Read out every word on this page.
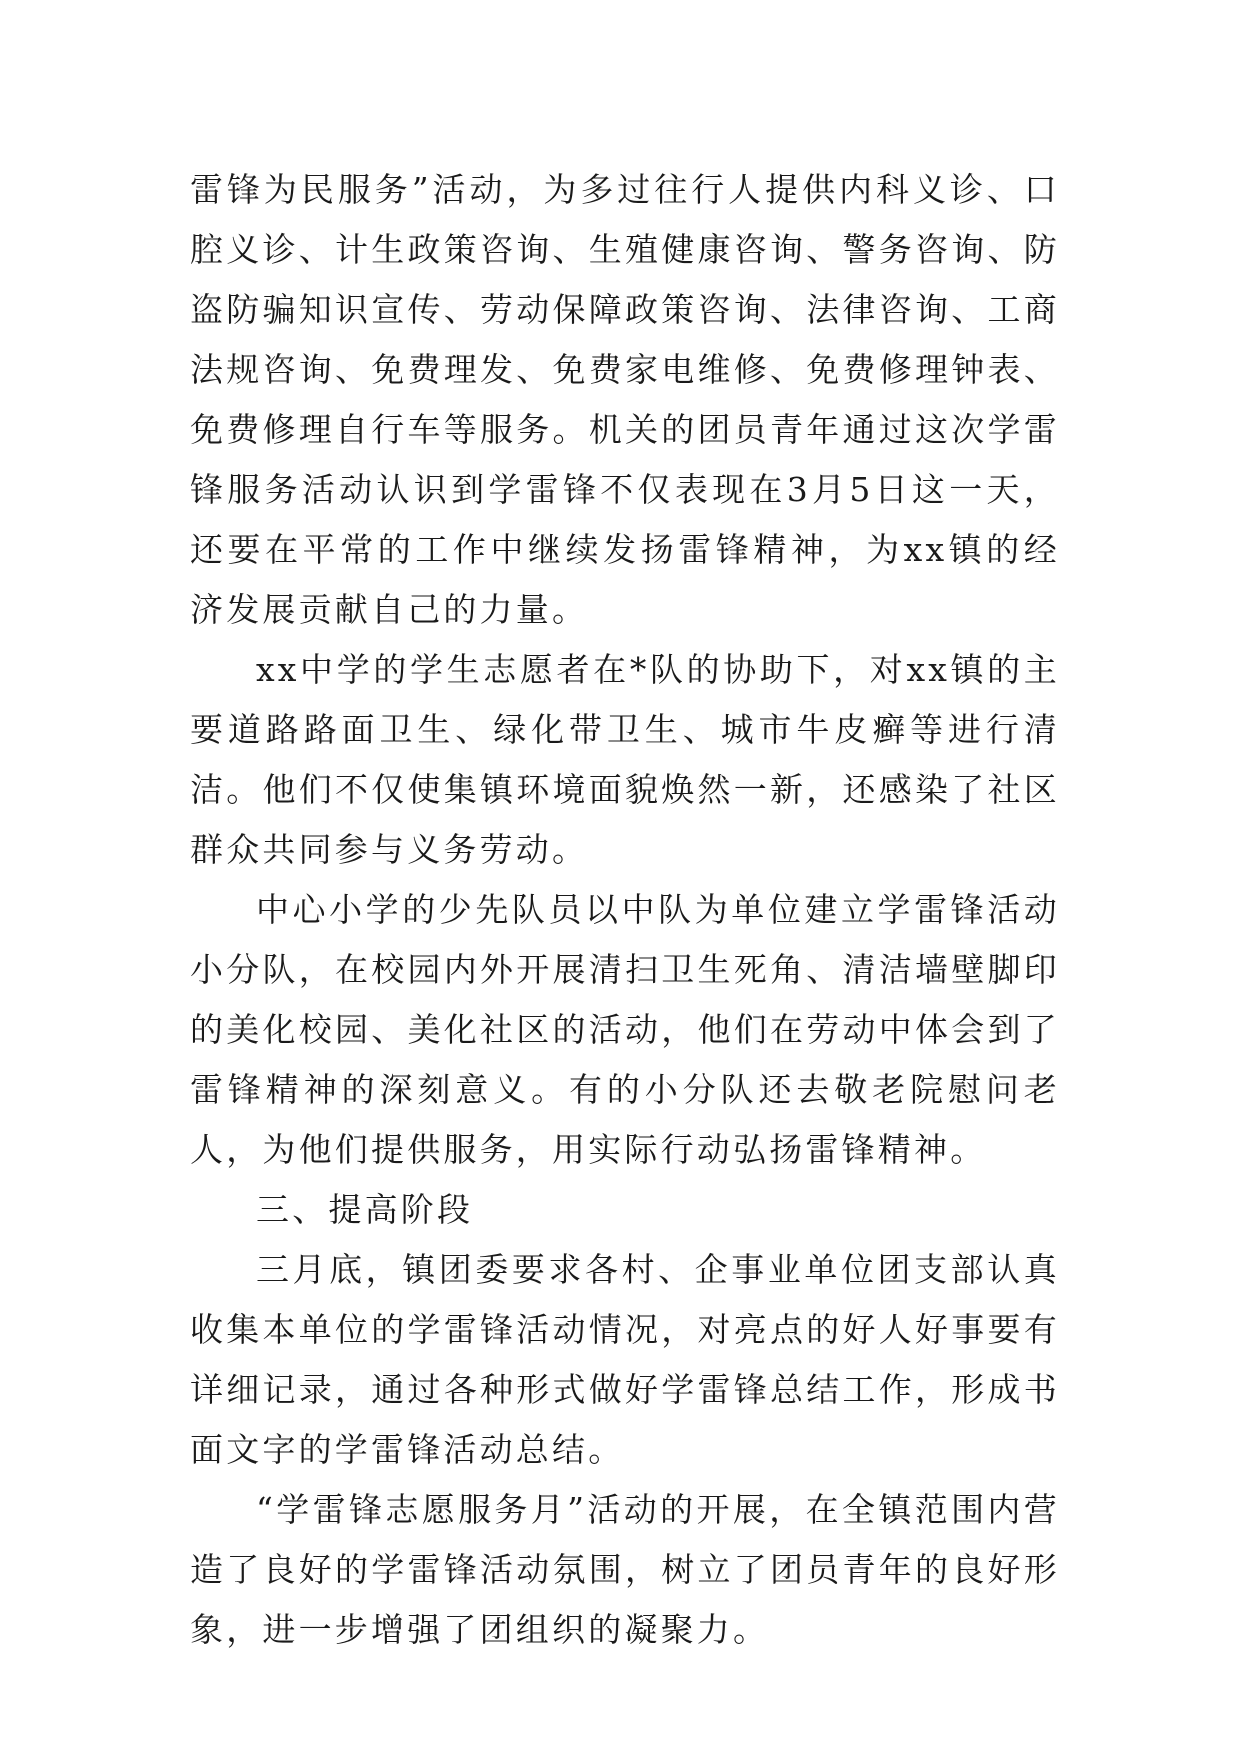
雷锋为民服务”活动，为多过往行人提供内科义诊、口腔义诊、计生政策咨询、生殖健康咨询、警务咨询、防盗防骗知识宣传、劳动保障政策咨询、法律咨询、工商法规咨询、免费理发、免费家电维修、免费修理钟表、免费修理自行车等服务。机关的团员青年通过这次学雷锋服务活动认识到学雷锋不仅表现在3月5日这一天，还要在平常的工作中继续发扬雷锋精神，为xx镇的经济发展贡献自己的力量。

xx中学的学生志愿者在*队的协助下，对xx镇的主要道路路面卫生、绿化带卫生、城市牛皮癣等进行清洁。他们不仅使集镇环境面貌焕然一新，还感染了社区群众共同参与义务劳动。

中心小学的少先队员以中队为单位建立学雷锋活动小分队，在校园内外开展清扫卫生死角、清洁墙壁脚印的美化校园、美化社区的活动，他们在劳动中体会到了雷锋精神的深刻意义。有的小分队还去敬老院慰问老人，为他们提供服务，用实际行动弘扬雷锋精神。

三、提高阶段

三月底，镇团委要求各村、企事业单位团支部认真收集本单位的学雷锋活动情况，对亮点的好人好事要有详细记录，通过各种形式做好学雷锋总结工作，形成书面文字的学雷锋活动总结。

“学雷锋志愿服务月”活动的开展，在全镇范围内营造了良好的学雷锋活动氛围，树立了团员青年的良好形象，进一步增强了团组织的凝聚力。
